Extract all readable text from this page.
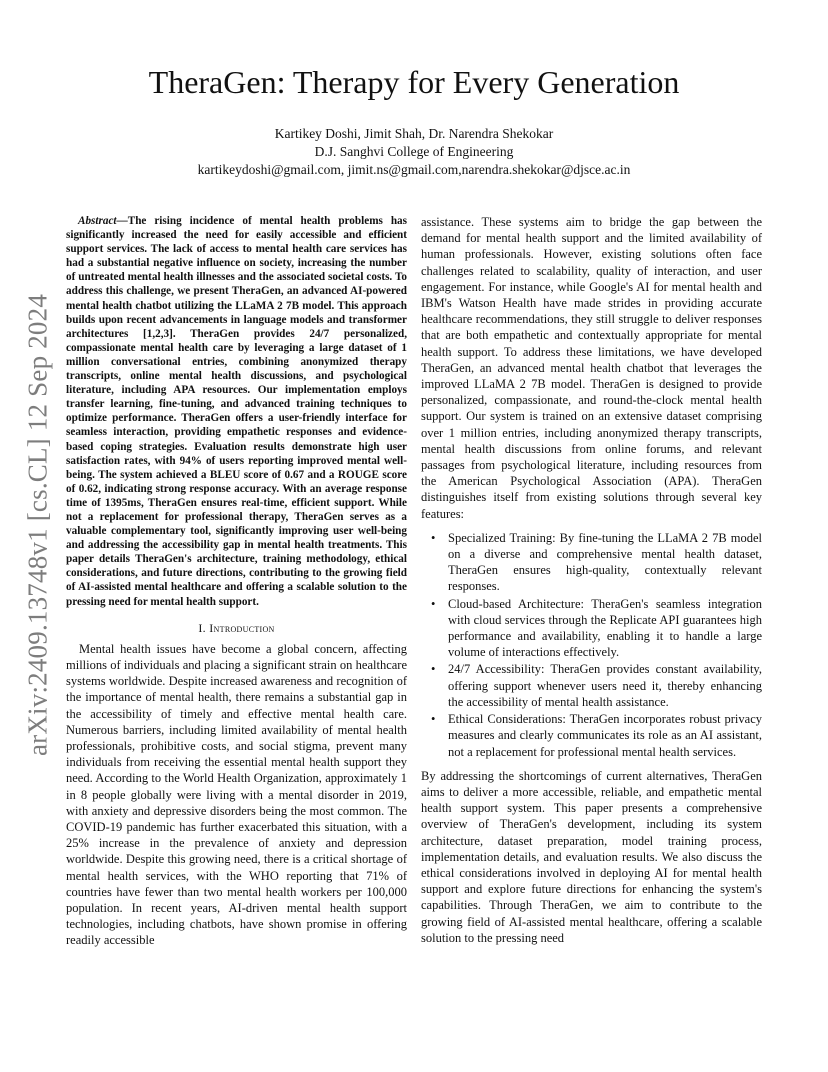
arXiv:2409.13748v1 [cs.CL] 12 Sep 2024
TheraGen: Therapy for Every Generation
Kartikey Doshi, Jimit Shah, Dr. Narendra Shekokar
D.J. Sanghvi College of Engineering
kartikeydoshi@gmail.com, jimit.ns@gmail.com,narendra.shekokar@djsce.ac.in

Abstract—The rising incidence of mental health problems has significantly increased the need for easily accessible and efficient support services. The lack of access to mental health care services has had a substantial negative influence on society, increasing the number of untreated mental health illnesses and the associated societal costs. To address this challenge, we present TheraGen, an advanced AI-powered mental health chatbot utilizing the LLaMA 2 7B model. This approach builds upon recent advancements in language models and transformer architectures [1,2,3]. TheraGen provides 24/7 personalized, compassionate mental health care by leveraging a large dataset of 1 million conversational entries, combining anonymized therapy transcripts, online mental health discussions, and psychological literature, including APA resources. Our implementation employs transfer learning, fine-tuning, and advanced training techniques to optimize performance. TheraGen offers a user-friendly interface for seamless interaction, providing empathetic responses and evidence-based coping strategies. Evaluation results demonstrate high user satisfaction rates, with 94% of users reporting improved mental well-being. The system achieved a BLEU score of 0.67 and a ROUGE score of 0.62, indicating strong response accuracy. With an average response time of 1395ms, TheraGen ensures real-time, efficient support. While not a replacement for professional therapy, TheraGen serves as a valuable complementary tool, significantly improving user well-being and addressing the accessibility gap in mental health treatments. This paper details TheraGen's architecture, training methodology, ethical considerations, and future directions, contributing to the growing field of AI-assisted mental healthcare and offering a scalable solution to the pressing need for mental health support.

I. Introduction

Mental health issues have become a global concern, affecting millions of individuals and placing a significant strain on healthcare systems worldwide. Despite increased awareness and recognition of the importance of mental health, there remains a substantial gap in the accessibility of timely and effective mental health care. Numerous barriers, including limited availability of mental health professionals, prohibitive costs, and social stigma, prevent many individuals from receiving the essential mental health support they need. According to the World Health Organization, approximately 1 in 8 people globally were living with a mental disorder in 2019, with anxiety and depressive disorders being the most common. The COVID-19 pandemic has further exacerbated this situation, with a 25% increase in the prevalence of anxiety and depression worldwide. Despite this growing need, there is a critical shortage of mental health services, with the WHO reporting that 71% of countries have fewer than two mental health workers per 100,000 population. In recent years, AI-driven mental health support technologies, including chatbots, have shown promise in offering readily accessible

assistance. These systems aim to bridge the gap between the demand for mental health support and the limited availability of human professionals. However, existing solutions often face challenges related to scalability, quality of interaction, and user engagement. For instance, while Google's AI for mental health and IBM's Watson Health have made strides in providing accurate healthcare recommendations, they still struggle to deliver responses that are both empathetic and contextually appropriate for mental health support. To address these limitations, we have developed TheraGen, an advanced mental health chatbot that leverages the improved LLaMA 2 7B model. TheraGen is designed to provide personalized, compassionate, and round-the-clock mental health support. Our system is trained on an extensive dataset comprising over 1 million entries, including anonymized therapy transcripts, mental health discussions from online forums, and relevant passages from psychological literature, including resources from the American Psychological Association (APA). TheraGen distinguishes itself from existing solutions through several key features:

• Specialized Training: By fine-tuning the LLaMA 2 7B model on a diverse and comprehensive mental health dataset, TheraGen ensures high-quality, contextually relevant responses.
• Cloud-based Architecture: TheraGen's seamless integration with cloud services through the Replicate API guarantees high performance and availability, enabling it to handle a large volume of interactions effectively.
• 24/7 Accessibility: TheraGen provides constant availability, offering support whenever users need it, thereby enhancing the accessibility of mental health assistance.
• Ethical Considerations: TheraGen incorporates robust privacy measures and clearly communicates its role as an AI assistant, not a replacement for professional mental health services.

By addressing the shortcomings of current alternatives, TheraGen aims to deliver a more accessible, reliable, and empathetic mental health support system. This paper presents a comprehensive overview of TheraGen's development, including its system architecture, dataset preparation, model training process, implementation details, and evaluation results. We also discuss the ethical considerations involved in deploying AI for mental health support and explore future directions for enhancing the system's capabilities. Through TheraGen, we aim to contribute to the growing field of AI-assisted mental healthcare, offering a scalable solution to the pressing need
